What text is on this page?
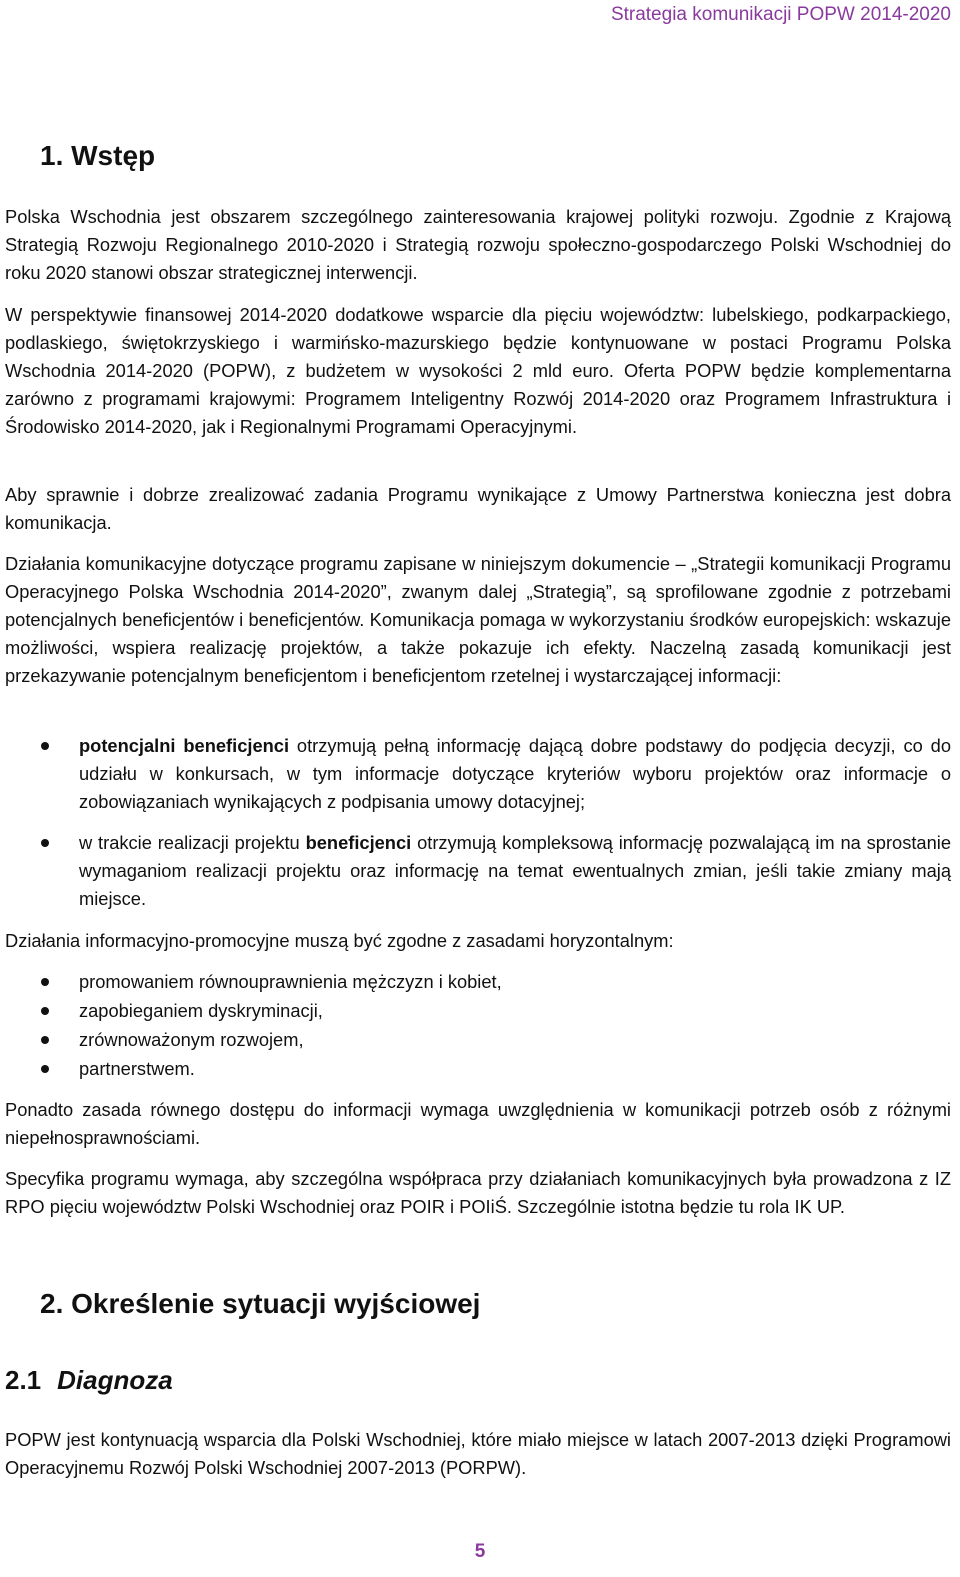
Strategia komunikacji POPW 2014-2020
1. Wstęp
Polska Wschodnia jest obszarem szczególnego zainteresowania krajowej polityki rozwoju. Zgodnie z Krajową Strategią Rozwoju Regionalnego 2010-2020 i Strategią rozwoju społeczno-gospodarczego Polski Wschodniej do roku 2020 stanowi obszar strategicznej interwencji.
W perspektywie finansowej 2014-2020 dodatkowe wsparcie dla pięciu województw: lubelskiego, podkarpackiego, podlaskiego, świętokrzyskiego i warmińsko-mazurskiego będzie kontynuowane w postaci Programu Polska Wschodnia 2014-2020 (POPW), z budżetem w wysokości 2 mld euro. Oferta POPW będzie komplementarna zarówno z programami krajowymi: Programem Inteligentny Rozwój 2014-2020 oraz Programem Infrastruktura i Środowisko 2014-2020, jak i Regionalnymi Programami Operacyjnymi.
Aby sprawnie i dobrze zrealizować zadania Programu wynikające z Umowy Partnerstwa konieczna jest dobra komunikacja.
Działania komunikacyjne dotyczące programu zapisane w niniejszym dokumencie – „Strategii komunikacji Programu Operacyjnego Polska Wschodnia 2014-2020”, zwanym dalej „Strategią”, są sprofilowane zgodnie z potrzebami potencjalnych beneficjentów i beneficjentów. Komunikacja pomaga w wykorzystaniu środków europejskich: wskazuje możliwości, wspiera realizację projektów, a także pokazuje ich efekty. Naczelną zasadą komunikacji jest przekazywanie potencjalnym beneficjentom i beneficjentom rzetelnej i wystarczającej informacji:
potencjalni beneficjenci otrzymują pełną informację dającą dobre podstawy do podjęcia decyzji, co do udziału w konkursach, w tym informacje dotyczące kryteriów wyboru projektów oraz informacje o zobowiązaniach wynikających z podpisania umowy dotacyjnej;
w trakcie realizacji projektu beneficjenci otrzymują kompleksową informację pozwalającą im na sprostanie wymaganiom realizacji projektu oraz informację na temat ewentualnych zmian, jeśli takie zmiany mają miejsce.
Działania informacyjno-promocyjne muszą być zgodne z zasadami horyzontalnym:
promowaniem równouprawnienia mężczyzn i kobiet,
zapobieganiem dyskryminacji,
zrównoważonym rozwojem,
partnerstwem.
Ponadto zasada równego dostępu do informacji wymaga uwzględnienia w komunikacji potrzeb osób z różnymi niepełnosprawnościami.
Specyfika programu wymaga, aby szczególna współpraca przy działaniach komunikacyjnych była prowadzona z IZ RPO pięciu województw Polski Wschodniej oraz POIR i POIiŚ. Szczególnie istotna będzie tu rola IK UP.
2. Określenie sytuacji wyjściowej
2.1 Diagnoza
POPW jest kontynuacją wsparcia dla Polski Wschodniej, które miało miejsce w latach 2007-2013 dzięki Programowi Operacyjnemu Rozwój Polski Wschodniej 2007-2013 (PORPW).
5
